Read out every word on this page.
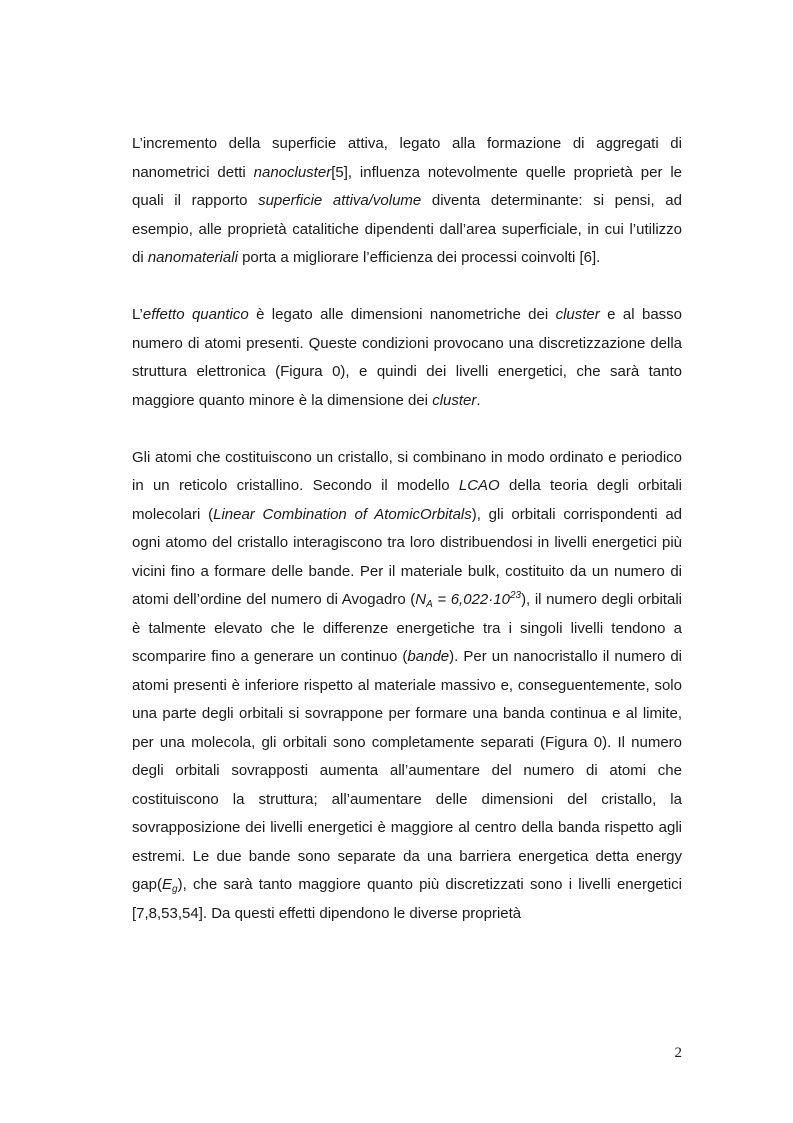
L’incremento della superficie attiva, legato alla formazione di aggregati di nanometrici detti nanocluster[5], influenza notevolmente quelle proprietà per le quali il rapporto superficie attiva/volume diventa determinante: si pensi, ad esempio, alle proprietà catalitiche dipendenti dall’area superficiale, in cui l’utilizzo di nanomateriali porta a migliorare l’efficienza dei processi coinvolti [6].

L’effetto quantico è legato alle dimensioni nanometriche dei cluster e al basso numero di atomi presenti. Queste condizioni provocano una discretizzazione della struttura elettronica (Figura 0), e quindi dei livelli energetici, che sarà tanto maggiore quanto minore è la dimensione dei cluster.

Gli atomi che costituiscono un cristallo, si combinano in modo ordinato e periodico in un reticolo cristallino. Secondo il modello LCAO della teoria degli orbitali molecolari (Linear Combination of AtomicOrbitals), gli orbitali corrispondenti ad ogni atomo del cristallo interagiscono tra loro distribuendosi in livelli energetici più vicini fino a formare delle bande. Per il materiale bulk, costituito da un numero di atomi dell’ordine del numero di Avogadro $(N_A = 6,022\cdot 10^{23})$, il numero degli orbitali è talmente elevato che le differenze energetiche tra i singoli livelli tendono a scomparire fino a generare un continuo (bande). Per un nanocristallo il numero di atomi presenti è inferiore rispetto al materiale massivo e, conseguentemente, solo una parte degli orbitali si sovrappone per formare una banda continua e al limite, per una molecola, gli orbitali sono completamente separati (Figura 0). Il numero degli orbitali sovrapposti aumenta all’aumentare del numero di atomi che costituiscono la struttura; all’aumentare delle dimensioni del cristallo, la sovrapposizione dei livelli energetici è maggiore al centro della banda rispetto agli estremi. Le due bande sono separate da una barriera energetica detta energy $gap(E_g)$, che sarà tanto maggiore quanto più discretizzati sono i livelli energetici [7,8,53,54]. Da questi effetti dipendono le diverse proprietà

2
